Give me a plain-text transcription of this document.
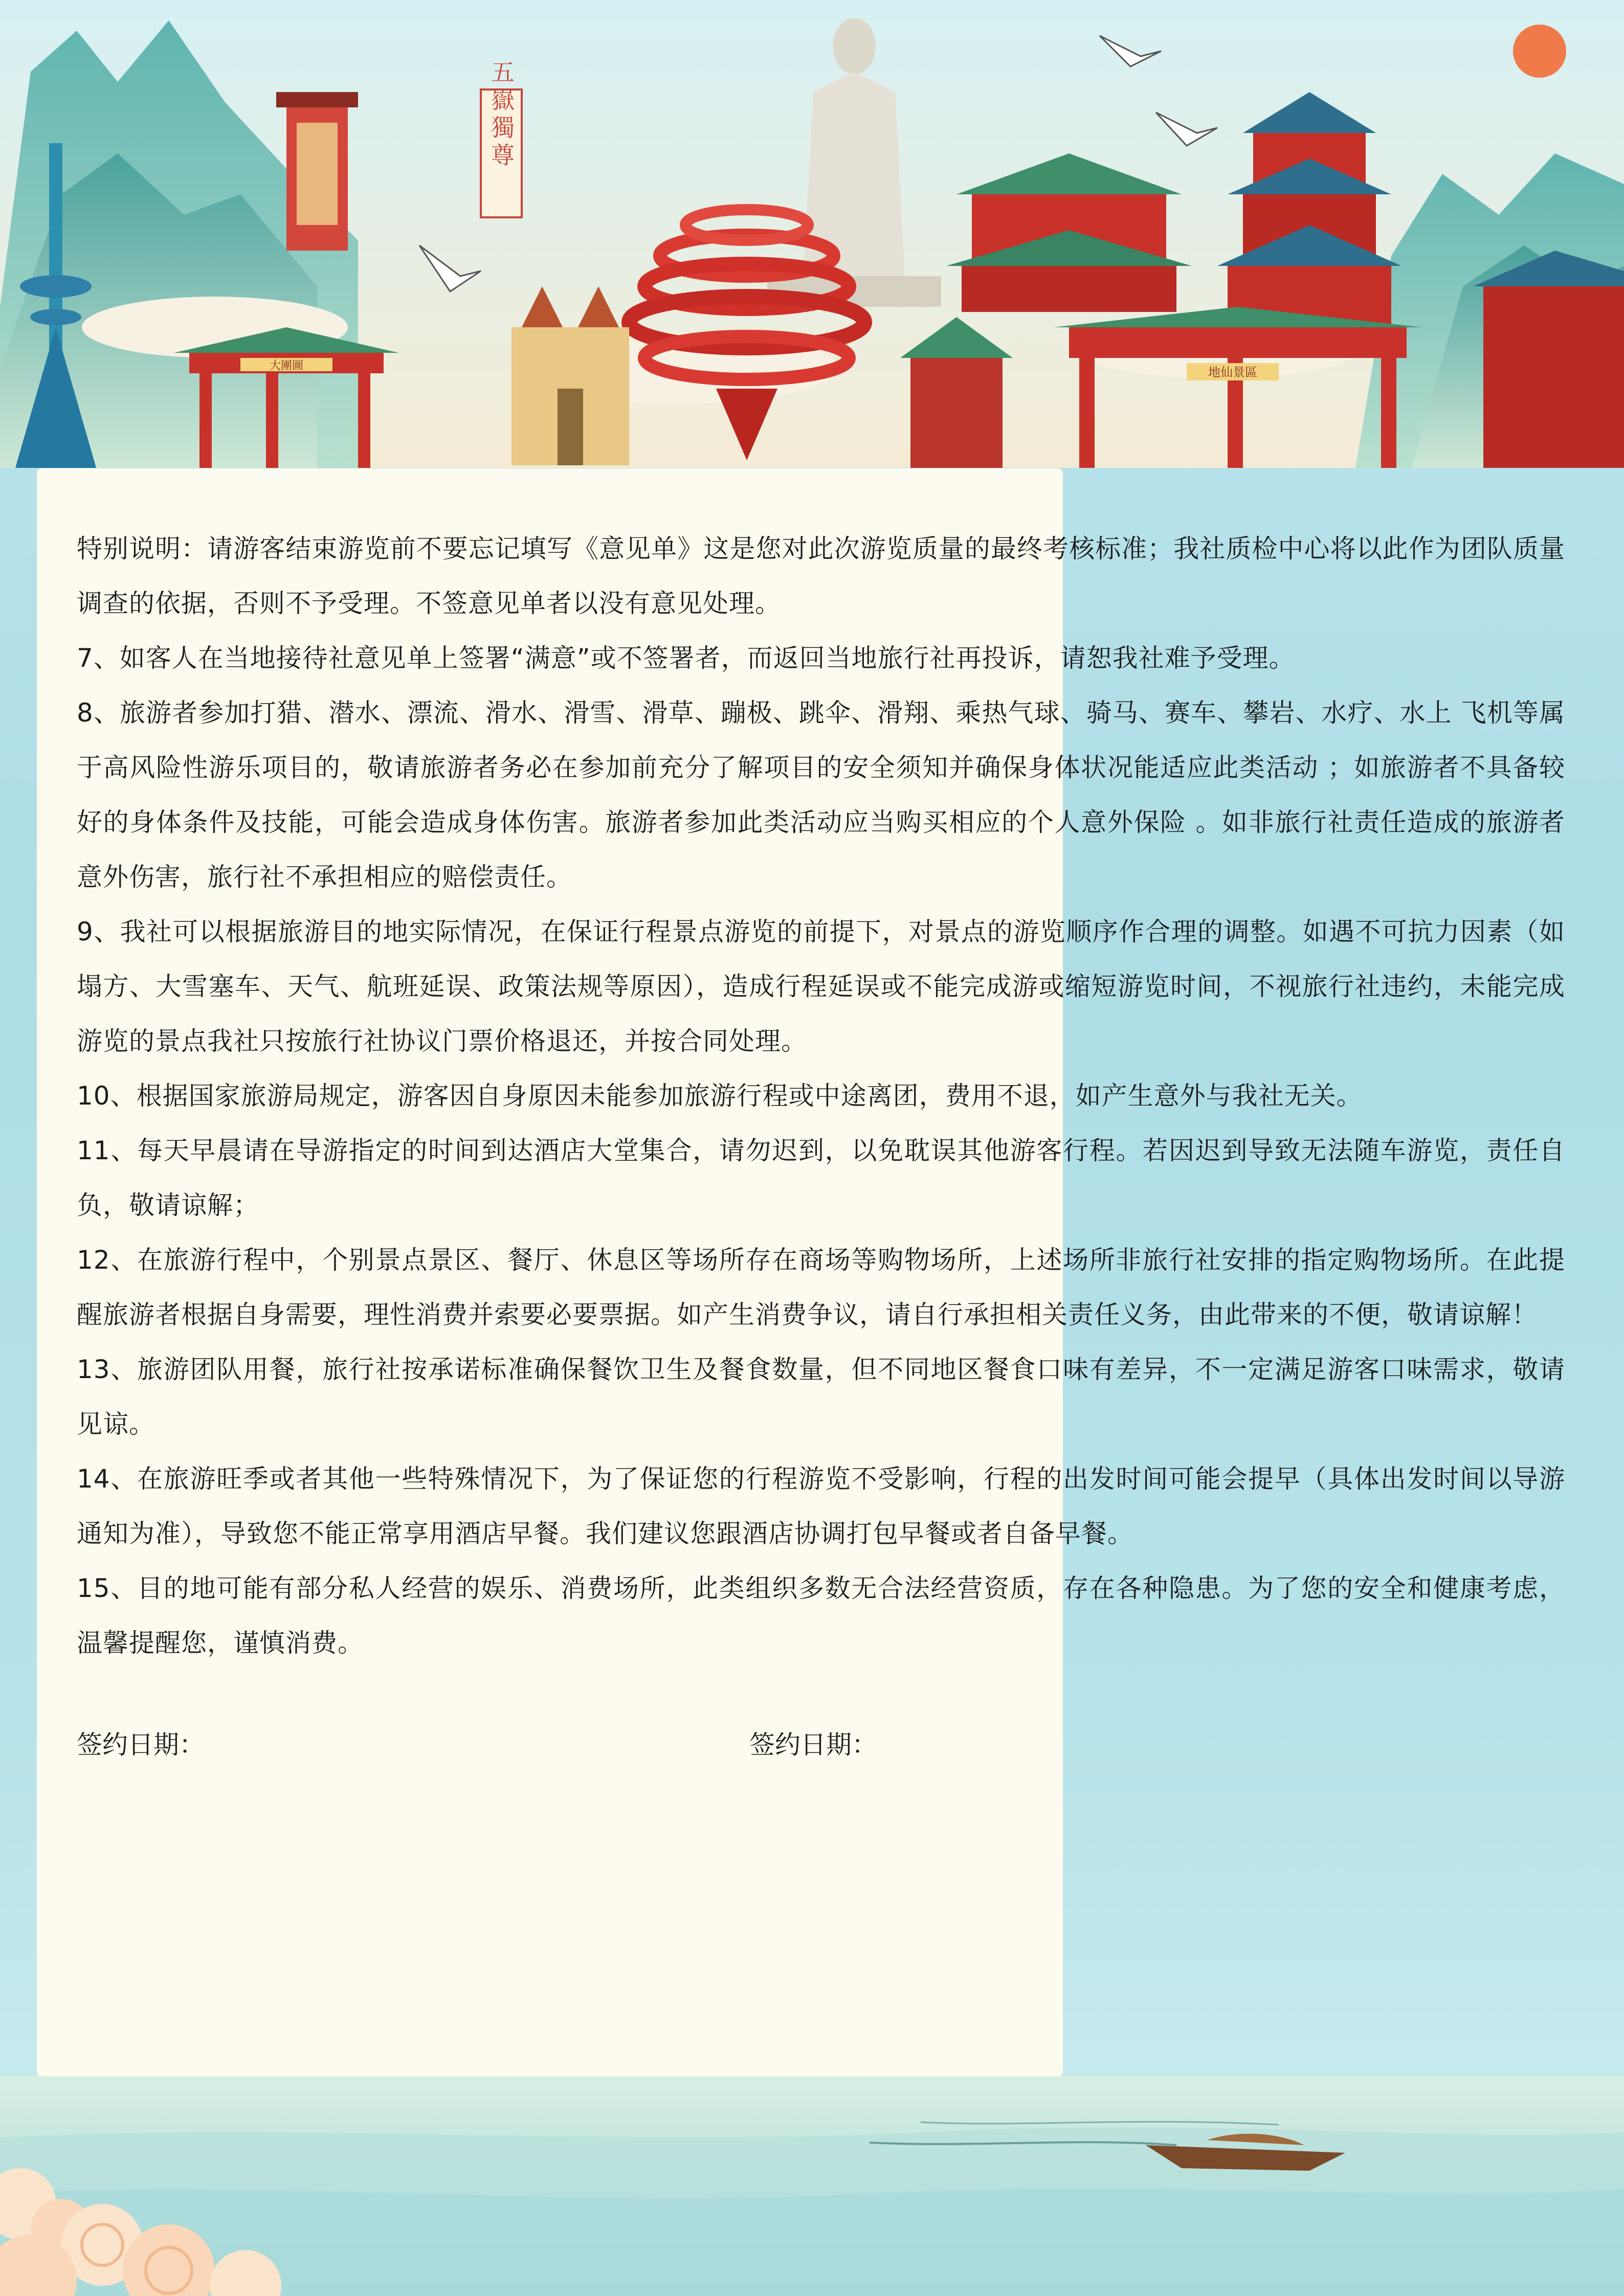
五嶽獨尊
大團圖	地仙景區

特别说明：请游客结束游览前不要忘记填写《意见单》这是您对此次游览质量的最终考核标准；我社质检中心将以此作为团队质量调查的依据，否则不予受理。不签意见单者以没有意见处理。

7、如客人在当地接待社意见单上签署“满意”或不签署者，而返回当地旅行社再投诉，请恕我社难予受理。

8、旅游者参加打猎、潜水、漂流、滑水、滑雪、滑草、蹦极、跳伞、滑翔、乘热气球、骑马、赛车、攀岩、水疗、水上 飞机等属于高风险性游乐项目的，敬请旅游者务必在参加前充分了解项目的安全须知并确保身体状况能适应此类活动 ；如旅游者不具备较好的身体条件及技能，可能会造成身体伤害。旅游者参加此类活动应当购买相应的个人意外保险 。如非旅行社责任造成的旅游者意外伤害，旅行社不承担相应的赔偿责任。

9、我社可以根据旅游目的地实际情况，在保证行程景点游览的前提下，对景点的游览顺序作合理的调整。如遇不可抗力因素（如塌方、大雪塞车、天气、航班延误、政策法规等原因），造成行程延误或不能完成游或缩短游览时间，不视旅行社违约，未能完成游览的景点我社只按旅行社协议门票价格退还，并按合同处理。

10、根据国家旅游局规定，游客因自身原因未能参加旅游行程或中途离团，费用不退，如产生意外与我社无关。

11、每天早晨请在导游指定的时间到达酒店大堂集合，请勿迟到，以免耽误其他游客行程。若因迟到导致无法随车游览，责任自负，敬请谅解；

12、在旅游行程中，个别景点景区、餐厅、休息区等场所存在商场等购物场所，上述场所非旅行社安排的指定购物场所。在此提醒旅游者根据自身需要，理性消费并索要必要票据。如产生消费争议，请自行承担相关责任义务，由此带来的不便，敬请谅解！

13、旅游团队用餐，旅行社按承诺标准确保餐饮卫生及餐食数量，但不同地区餐食口味有差异，不一定满足游客口味需求，敬请见谅。

14、在旅游旺季或者其他一些特殊情况下，为了保证您的行程游览不受影响，行程的出发时间可能会提早（具体出发时间以导游通知为准），导致您不能正常享用酒店早餐。我们建议您跟酒店协调打包早餐或者自备早餐。

15、目的地可能有部分私人经营的娱乐、消费场所，此类组织多数无合法经营资质，存在各种隐患。为了您的安全和健康考虑，温馨提醒您，谨慎消费。

签约日期：	签约日期：
